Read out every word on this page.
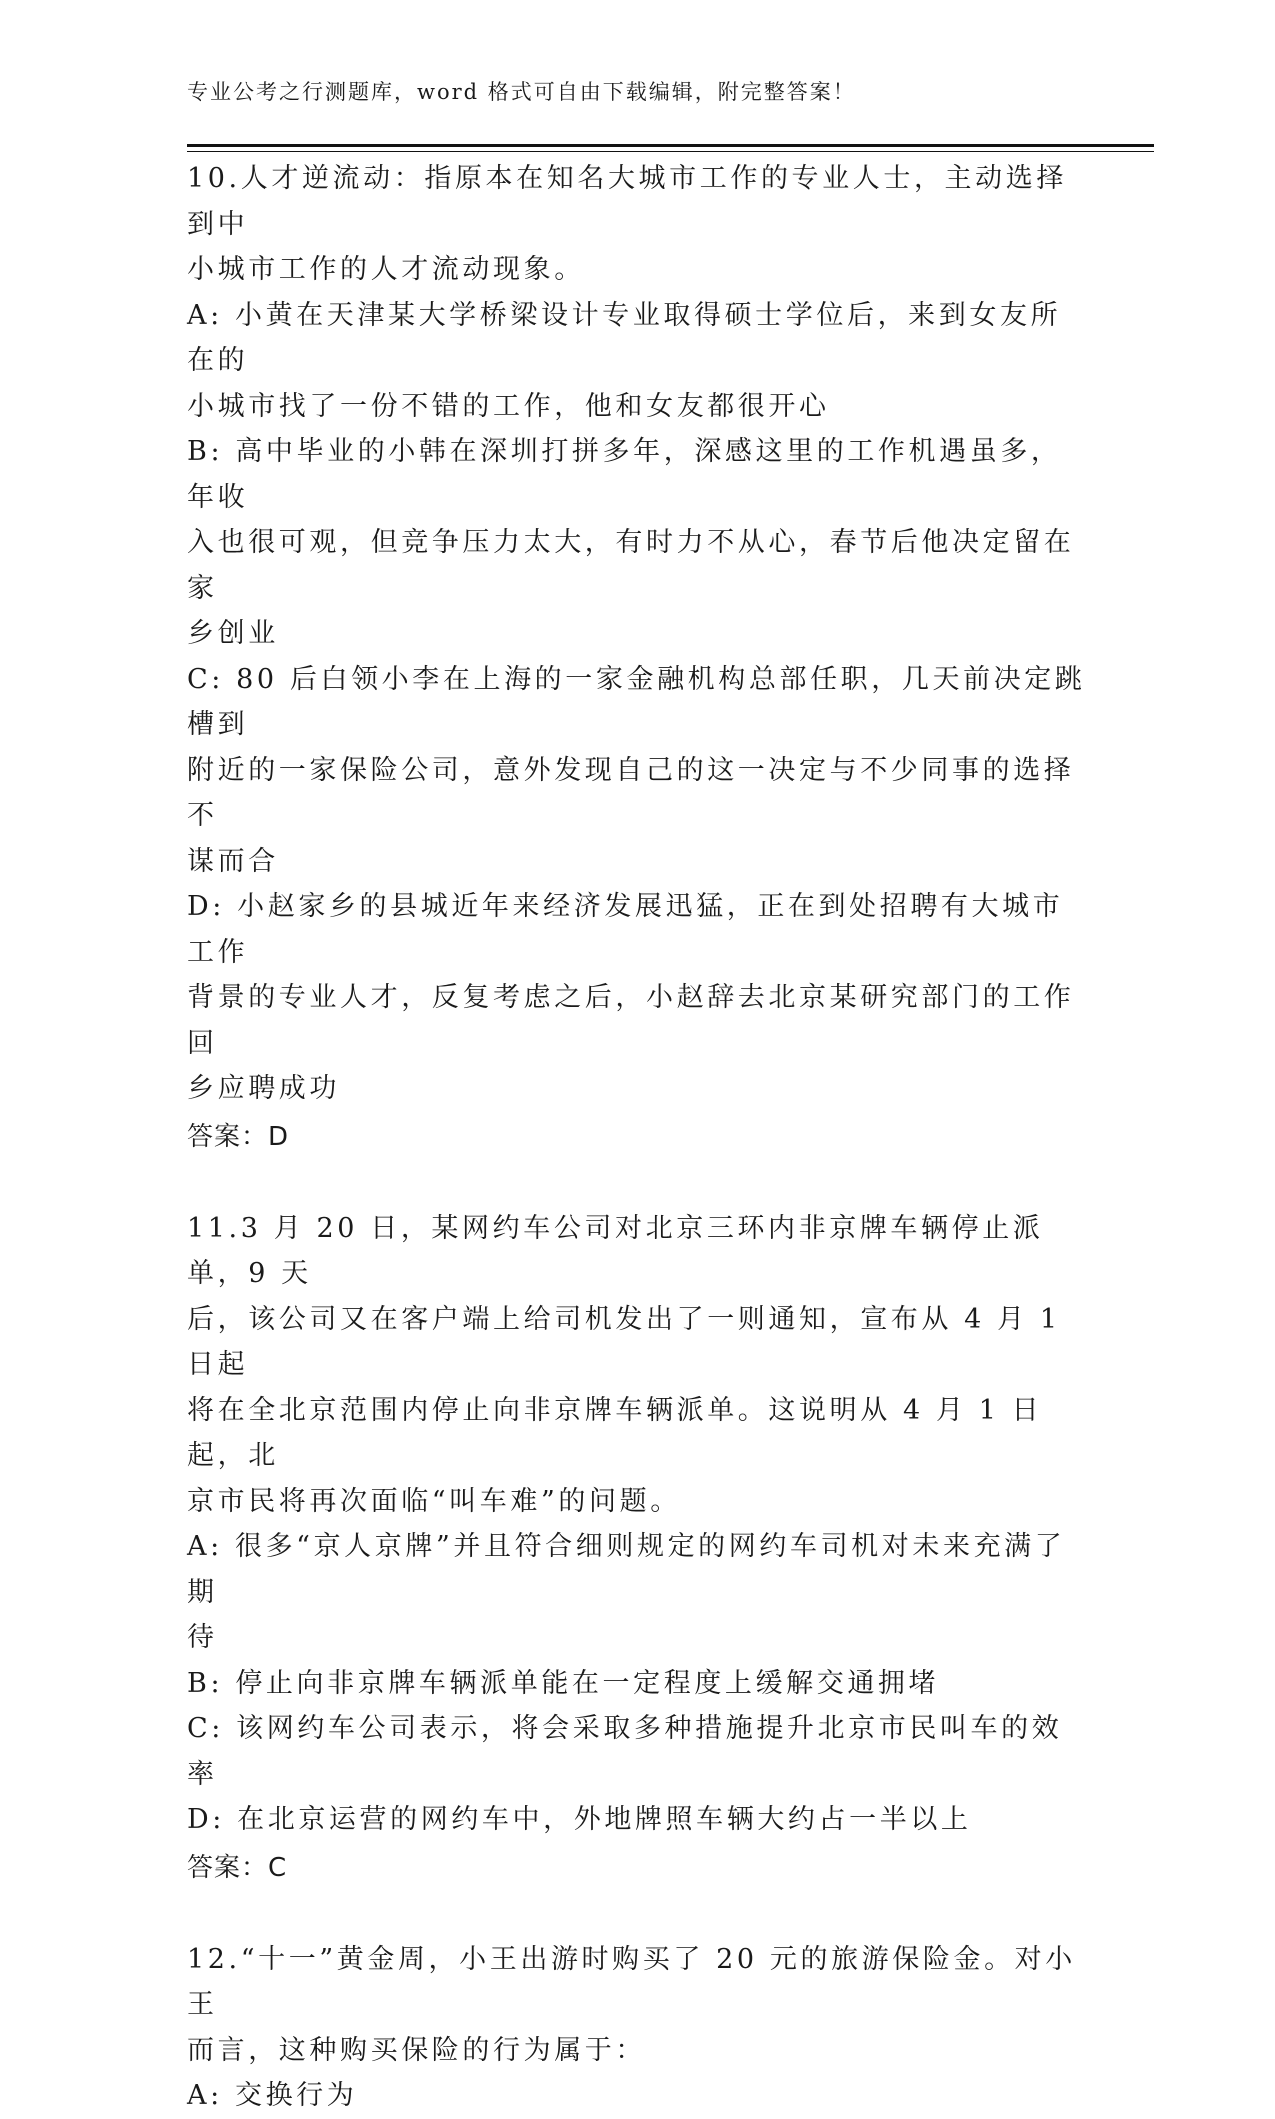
专业公考之行测题库，word 格式可自由下载编辑，附完整答案！
10.人才逆流动：指原本在知名大城市工作的专业人士，主动选择到中
小城市工作的人才流动现象。
A: 小黄在天津某大学桥梁设计专业取得硕士学位后，来到女友所在的
小城市找了一份不错的工作，他和女友都很开心
B: 高中毕业的小韩在深圳打拼多年，深感这里的工作机遇虽多，年收
入也很可观，但竞争压力太大，有时力不从心，春节后他决定留在家
乡创业
C: 80 后白领小李在上海的一家金融机构总部任职，几天前决定跳槽到
附近的一家保险公司，意外发现自己的这一决定与不少同事的选择不
谋而合
D: 小赵家乡的县城近年来经济发展迅猛，正在到处招聘有大城市工作
背景的专业人才，反复考虑之后，小赵辞去北京某研究部门的工作回
乡应聘成功
答案：D
11.3 月 20 日，某网约车公司对北京三环内非京牌车辆停止派单，9 天
后，该公司又在客户端上给司机发出了一则通知，宣布从 4 月 1 日起
将在全北京范围内停止向非京牌车辆派单。这说明从 4 月 1 日起，北
京市民将再次面临“叫车难”的问题。
A: 很多“京人京牌”并且符合细则规定的网约车司机对未来充满了期
待
B: 停止向非京牌车辆派单能在一定程度上缓解交通拥堵
C: 该网约车公司表示，将会采取多种措施提升北京市民叫车的效率
D: 在北京运营的网约车中，外地牌照车辆大约占一半以上
答案：C
12.“十一”黄金周，小王出游时购买了 20 元的旅游保险金。对小王
而言，这种购买保险的行为属于：
A: 交换行为
